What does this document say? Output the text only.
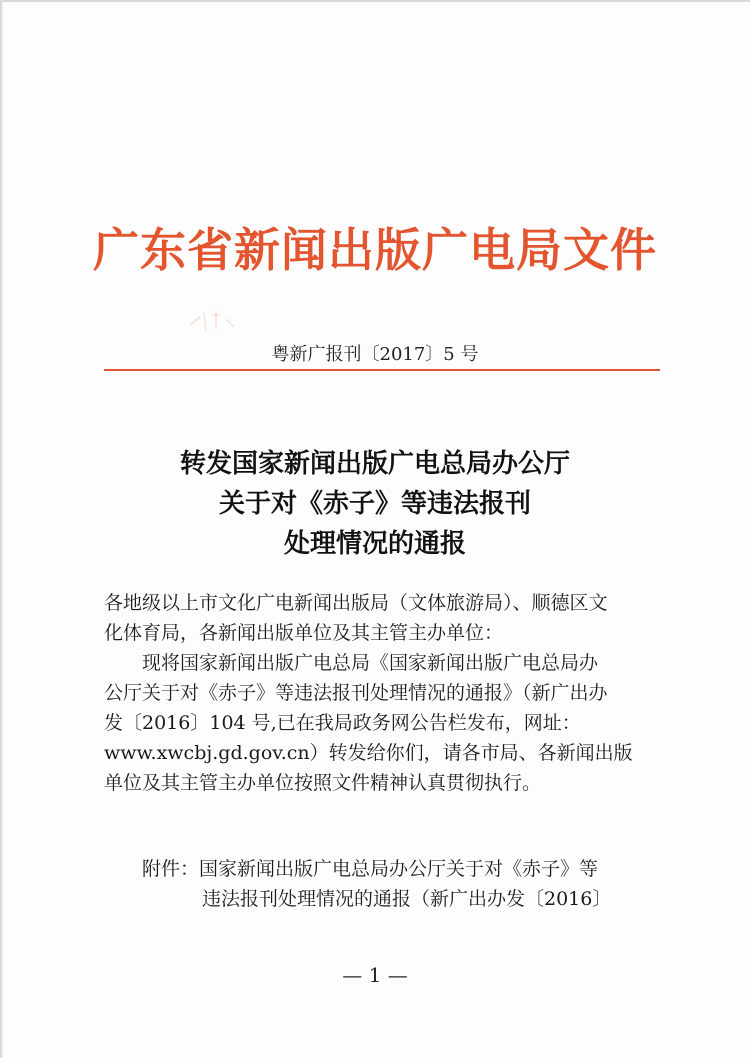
广东省新闻出版广电局文件
粤新广报刊〔2017〕5 号
转发国家新闻出版广电总局办公厅
关于对《赤子》等违法报刊
处理情况的通报

各地级以上市文化广电新闻出版局（文体旅游局）、顺德区文

化体育局，各新闻出版单位及其主管主办单位：

现将国家新闻出版广电总局《国家新闻出版广电总局办

公厅关于对《赤子》等违法报刊处理情况的通报》（新广出办

发〔2016〕104 号,已在我局政务网公告栏发布，网址：

www.xwcbj.gd.gov.cn）转发给你们，请各市局、各新闻出版

单位及其主管主办单位按照文件精神认真贯彻执行。

附件：国家新闻出版广电总局办公厅关于对《赤子》等

违法报刊处理情况的通报（新广出办发〔2016〕

— 1 —
